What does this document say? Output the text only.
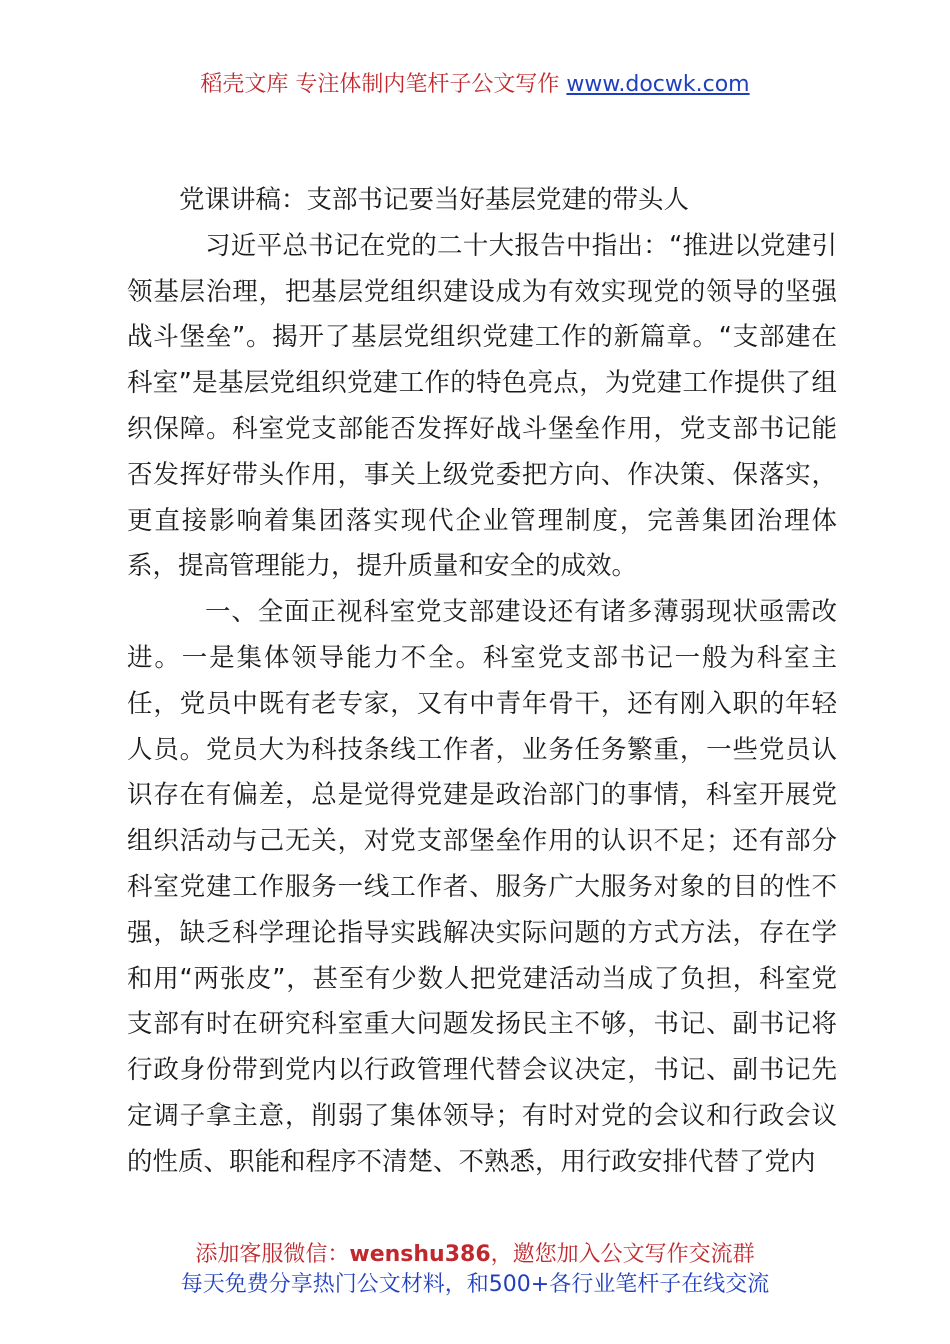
稻壳文库 专注体制内笔杆子公文写作 www.docwk.com
党课讲稿：支部书记要当好基层党建的带头人

习近平总书记在党的二十大报告中指出：“推进以党建引领基层治理，把基层党组织建设成为有效实现党的领导的坚强战斗堡垒”。揭开了基层党组织党建工作的新篇章。“支部建在科室”是基层党组织党建工作的特色亮点，为党建工作提供了组织保障。科室党支部能否发挥好战斗堡垒作用，党支部书记能否发挥好带头作用，事关上级党委把方向、作决策、保落实，更直接影响着集团落实现代企业管理制度，完善集团治理体系，提高管理能力，提升质量和安全的成效。

一、全面正视科室党支部建设还有诸多薄弱现状亟需改进。一是集体领导能力不全。科室党支部书记一般为科室主任，党员中既有老专家，又有中青年骨干，还有刚入职的年轻人员。党员大为科技条线工作者，业务任务繁重，一些党员认识存在有偏差，总是觉得党建是政治部门的事情，科室开展党组织活动与己无关，对党支部堡垒作用的认识不足；还有部分科室党建工作服务一线工作者、服务广大服务对象的目的性不强，缺乏科学理论指导实践解决实际问题的方式方法，存在学和用“两张皮”，甚至有少数人把党建活动当成了负担，科室党支部有时在研究科室重大问题发扬民主不够，书记、副书记将行政身份带到党内以行政管理代替会议决定，书记、副书记先定调子拿主意，削弱了集体领导；有时对党的会议和行政会议的性质、职能和程序不清楚、不熟悉，用行政安排代替了党内

添加客服微信：wenshu386，邀您加入公文写作交流群
每天免费分享热门公文材料，和500+各行业笔杆子在线交流
